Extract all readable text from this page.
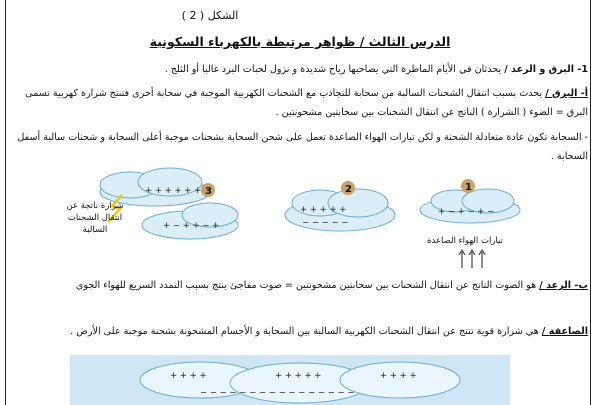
الشكل ( 2 )
الدرس الثالث / ظواهر مرتبطة بالكهرباء السكونية
1- البرق و الرعد / يحدثان في الأيام الماطرة التي يصاحبها رياح شديدة و نزول لحبات البرد غالبا أو الثلج .
أ- البرق / يحدث بسبب انتقال الشحنات السالبة من سحابة للتجاذب مع الشحنات الكهربية الموجبة في سحابة أخرى فتنتج شرارة كهربية تسمى البرق = الضوء ( الشرارة ) الناتج عن انتقال الشحنات بين سحابتين مشحونتين .
- السحابة تكون عادة متعادلة الشحنة و لكن تيارات الهواء الصاعدة تعمل على شحن السحابة بشحنات موجبة أعلى السحابة و شحنات سالبة أسفل السحابة .
+ + + + + +
+ − + + − +
3
+ + + + +
− − − − −
2
+ − + − + −
1
+ + + +	+ + + + +	+ + + +
− − − − − − − − − − − − − − − −
تيارات الهواء الصاعدة
شرارة ناتجة عن انتقال الشحنات السالبة
ب- الرعد / هو الصوت الناتج عن انتقال الشحنات بين سحابتين مشحونتين = صوت مفاجئ ينتج بسبب التمدد السريع للهواء الجوى
الصاعقة / هي شرارة قوية تنتج عن انتقال الشحنات الكهربية السالبة بين السحابة و الأجسام المشحونة بشحنة موجبة على الأرض .
